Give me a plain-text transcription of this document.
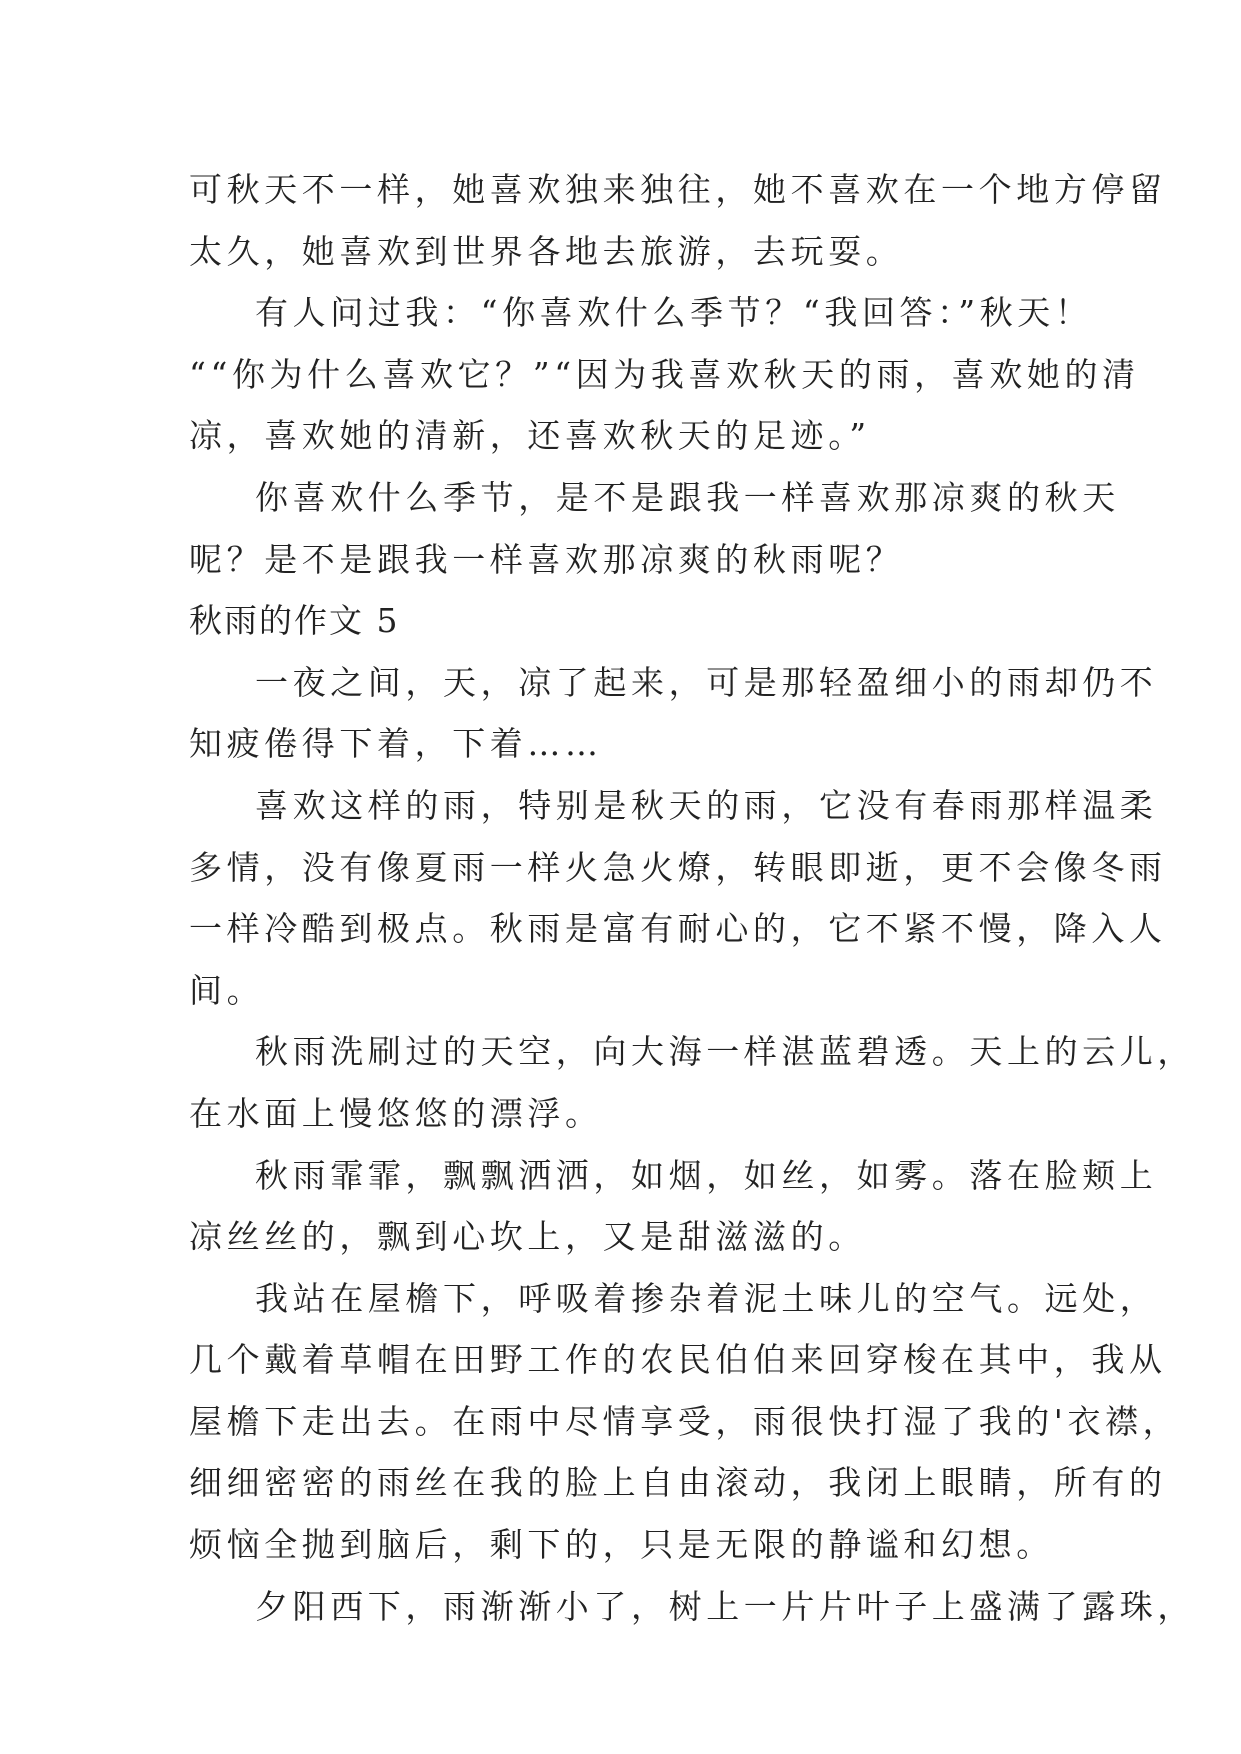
可秋天不一样，她喜欢独来独往，她不喜欢在一个地方停留
太久，她喜欢到世界各地去旅游，去玩耍。
有人问过我：“你喜欢什么季节？“我回答：”秋天！
““你为什么喜欢它？”“因为我喜欢秋天的雨，喜欢她的清
凉，喜欢她的清新，还喜欢秋天的足迹。”
你喜欢什么季节，是不是跟我一样喜欢那凉爽的秋天
呢？是不是跟我一样喜欢那凉爽的秋雨呢？
秋雨的作文 5
一夜之间，天，凉了起来，可是那轻盈细小的雨却仍不
知疲倦得下着，下着……
喜欢这样的雨，特别是秋天的雨，它没有春雨那样温柔
多情，没有像夏雨一样火急火燎，转眼即逝，更不会像冬雨
一样冷酷到极点。秋雨是富有耐心的，它不紧不慢，降入人
间。
秋雨洗刷过的天空，向大海一样湛蓝碧透。天上的云儿，
在水面上慢悠悠的漂浮。
秋雨霏霏，飘飘洒洒，如烟，如丝，如雾。落在脸颊上
凉丝丝的，飘到心坎上，又是甜滋滋的。
我站在屋檐下，呼吸着掺杂着泥土味儿的空气。远处，
几个戴着草帽在田野工作的农民伯伯来回穿梭在其中，我从
屋檐下走出去。在雨中尽情享受，雨很快打湿了我的'衣襟，
细细密密的雨丝在我的脸上自由滚动，我闭上眼睛，所有的
烦恼全抛到脑后，剩下的，只是无限的静谧和幻想。
夕阳西下，雨渐渐小了，树上一片片叶子上盛满了露珠，
